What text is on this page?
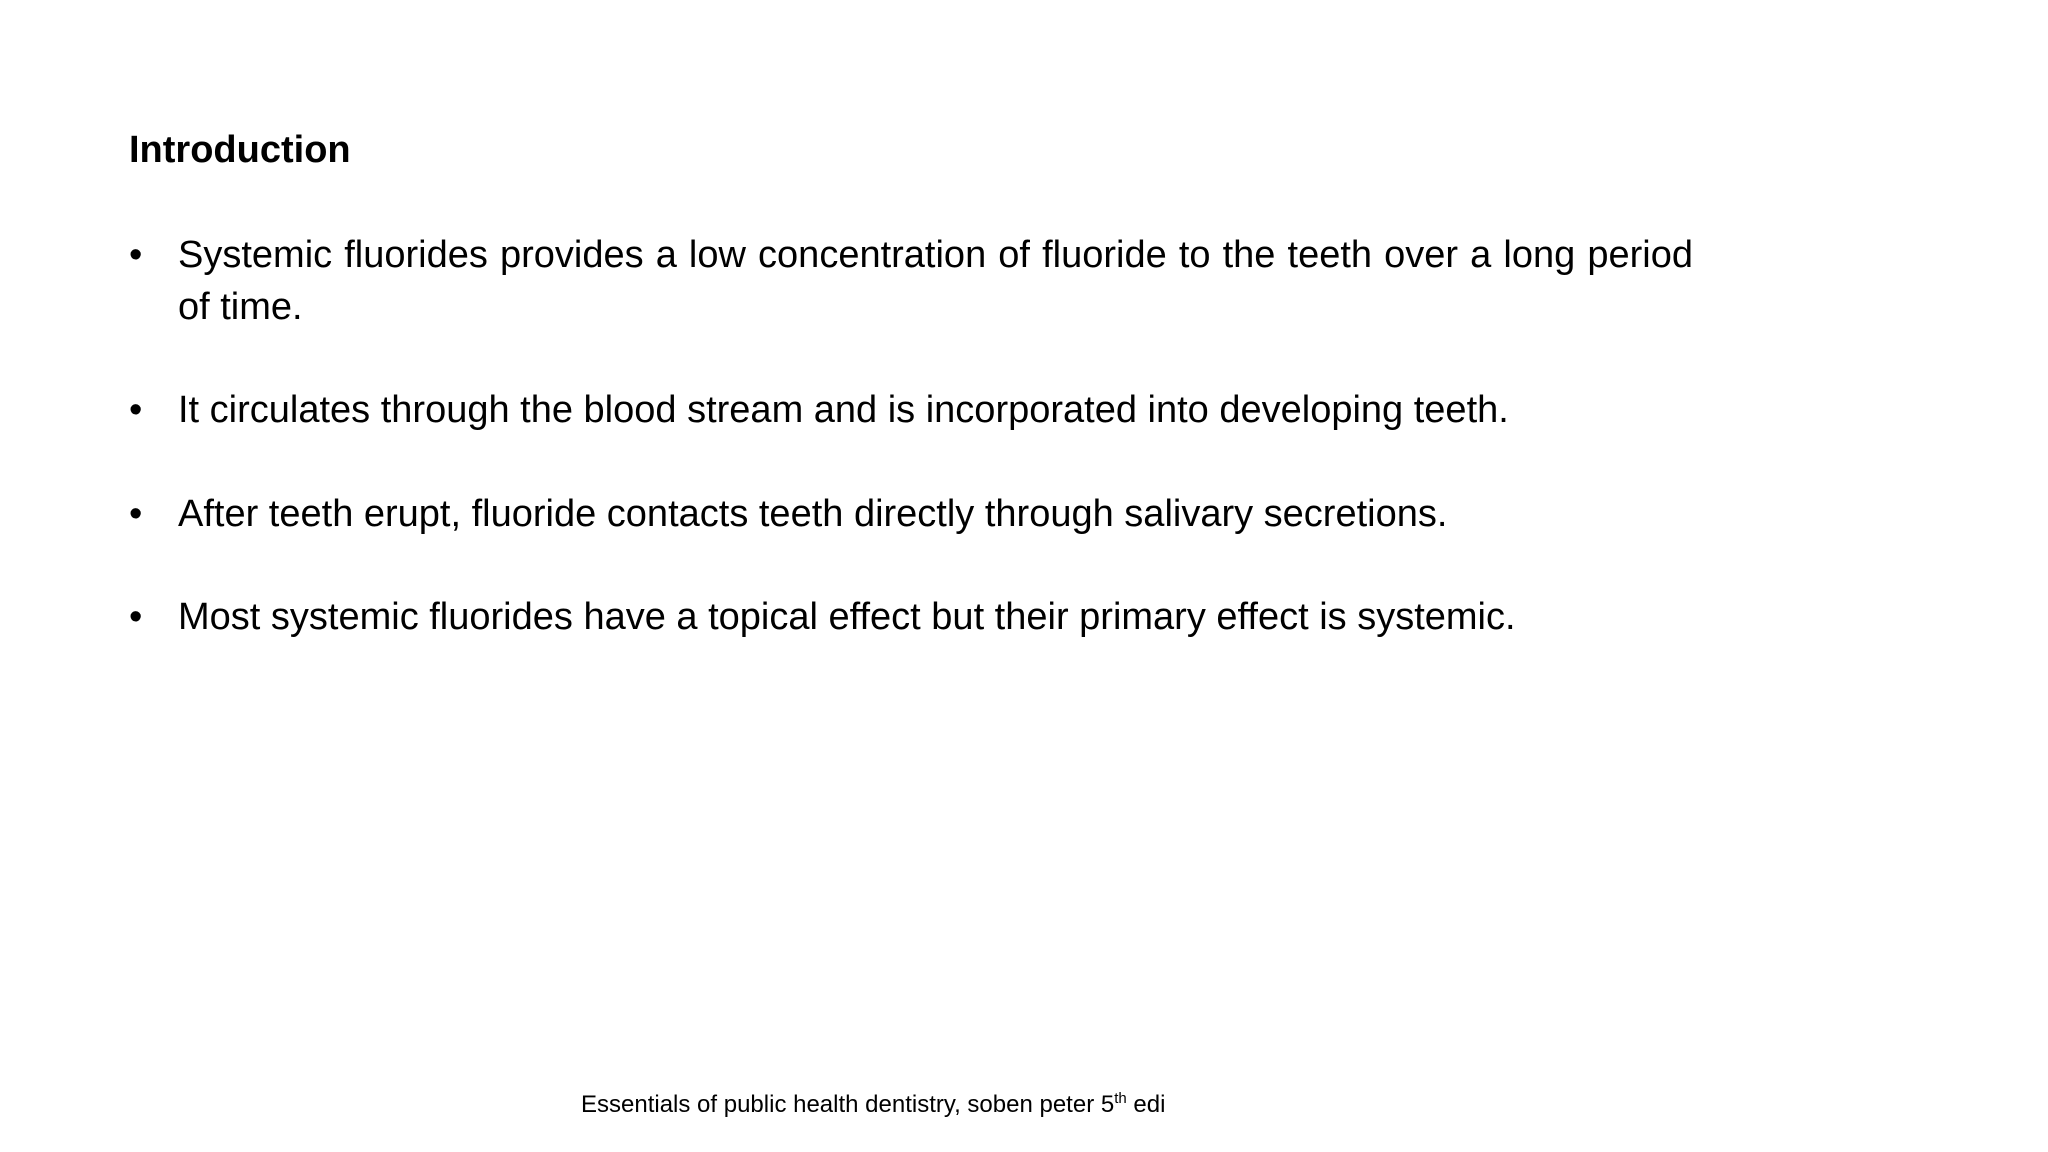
Introduction
• Systemic fluorides provides a low concentration of fluoride to the teeth over a long period of time.
• It circulates through the blood stream and is incorporated into developing teeth.
• After teeth erupt, fluoride contacts teeth directly through salivary secretions.
• Most systemic fluorides have a topical effect but their primary effect is systemic.
Essentials of public health dentistry, soben peter 5th edi
